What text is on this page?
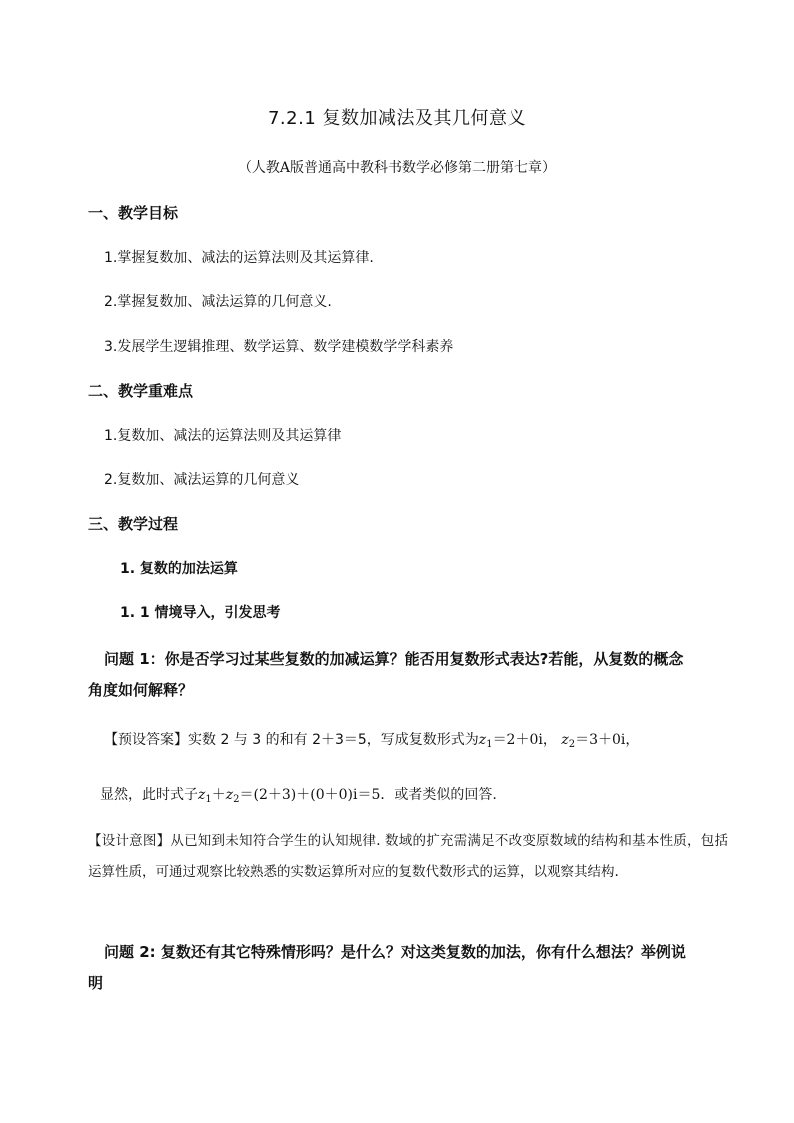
7.2.1 复数加减法及其几何意义
（人教A版普通高中教科书数学必修第二册第七章）
一、教学目标
1.掌握复数加、减法的运算法则及其运算律.
2.掌握复数加、减法运算的几何意义.
3.发展学生逻辑推理、数学运算、数学建模数学学科素养
二、教学重难点
1.复数加、减法的运算法则及其运算律
2.复数加、减法运算的几何意义
三、教学过程
1. 复数的加法运算
1. 1 情境导入，引发思考
问题 1：你是否学习过某些复数的加减运算？能否用复数形式表达?若能，从复数的概念
角度如何解释？
【预设答案】实数 2 与 3 的和有 2＋3＝5，写成复数形式为$z_1=2+0i$， $z_2=3+0i$，
显然，此时式子$z_1+z_2=(2+3)+(0+0)i=5$．或者类似的回答.
【设计意图】从已知到未知符合学生的认知规律. 数域的扩充需满足不改变原数域的结构和基本性质，包括运算性质，可通过观察比较熟悉的实数运算所对应的复数代数形式的运算，以观察其结构.
问题 2: 复数还有其它特殊情形吗？是什么？对这类复数的加法，你有什么想法？举例说
明
